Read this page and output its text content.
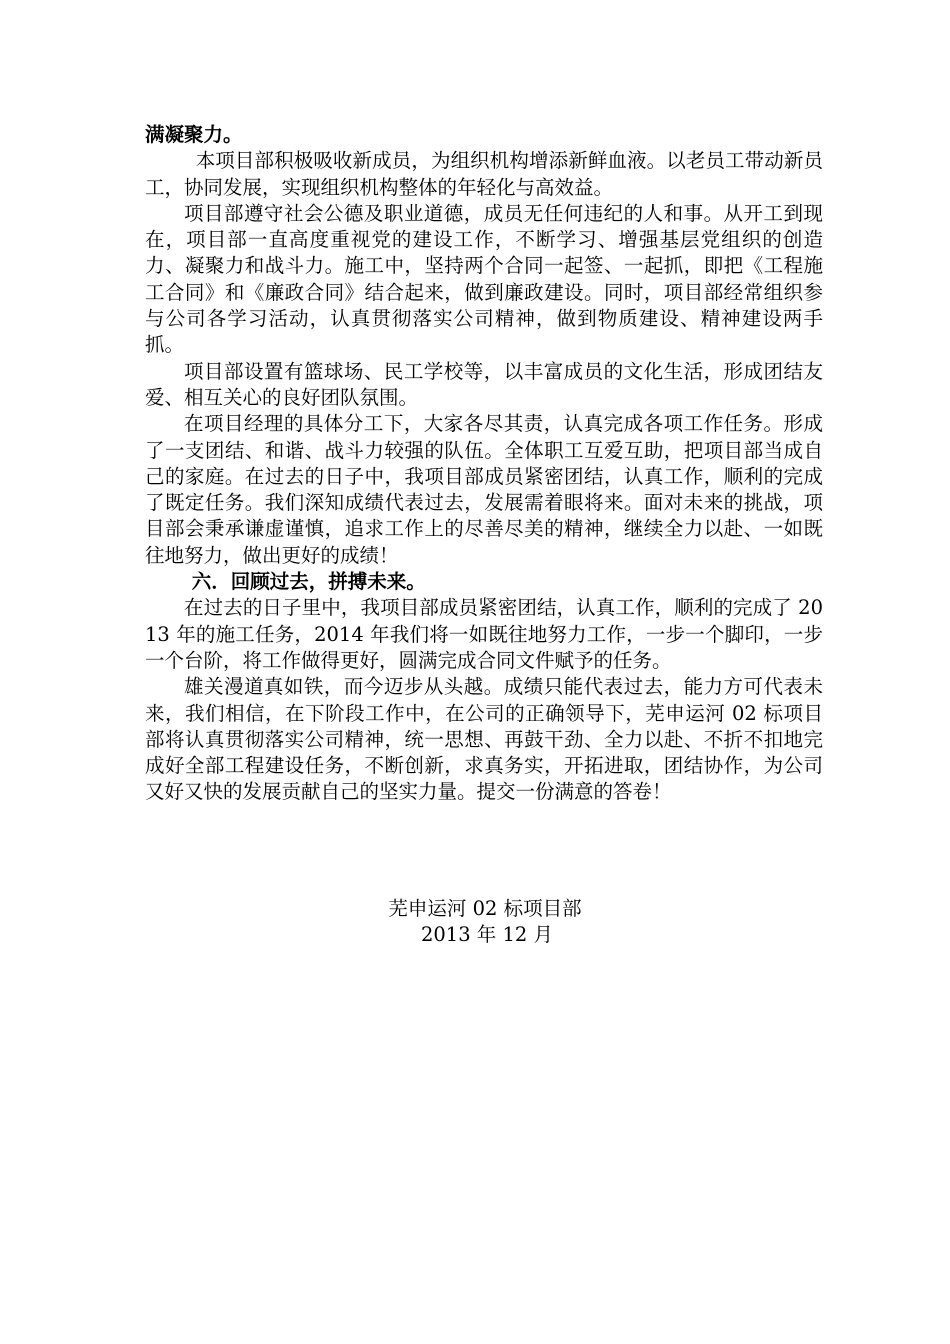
满凝聚力。

本项目部积极吸收新成员，为组织机构增添新鲜血液。以老员工带动新员工，协同发展，实现组织机构整体的年轻化与高效益。

项目部遵守社会公德及职业道德，成员无任何违纪的人和事。从开工到现在，项目部一直高度重视党的建设工作，不断学习、增强基层党组织的创造力、凝聚力和战斗力。施工中，坚持两个合同一起签、一起抓，即把《工程施工合同》和《廉政合同》结合起来，做到廉政建设。同时，项目部经常组织参与公司各学习活动，认真贯彻落实公司精神，做到物质建设、精神建设两手抓。

项目部设置有篮球场、民工学校等，以丰富成员的文化生活，形成团结友爱、相互关心的良好团队氛围。

在项目经理的具体分工下，大家各尽其责，认真完成各项工作任务。形成了一支团结、和谐、战斗力较强的队伍。全体职工互爱互助，把项目部当成自己的家庭。在过去的日子中，我项目部成员紧密团结，认真工作，顺利的完成了既定任务。我们深知成绩代表过去，发展需着眼将来。面对未来的挑战，项目部会秉承谦虚谨慎，追求工作上的尽善尽美的精神，继续全力以赴、一如既往地努力，做出更好的成绩！

六．回顾过去，拼搏未来。

在过去的日子里中，我项目部成员紧密团结，认真工作，顺利的完成了 2013 年的施工任务，2014 年我们将一如既往地努力工作，一步一个脚印，一步一个台阶，将工作做得更好，圆满完成合同文件赋予的任务。

雄关漫道真如铁，而今迈步从头越。成绩只能代表过去，能力方可代表未来，我们相信，在下阶段工作中，在公司的正确领导下，芜申运河 02 标项目部将认真贯彻落实公司精神，统一思想、再鼓干劲、全力以赴、不折不扣地完成好全部工程建设任务，不断创新，求真务实，开拓进取，团结协作，为公司又好又快的发展贡献自己的坚实力量。提交一份满意的答卷！

芜申运河 02 标项目部
2013 年 12 月
